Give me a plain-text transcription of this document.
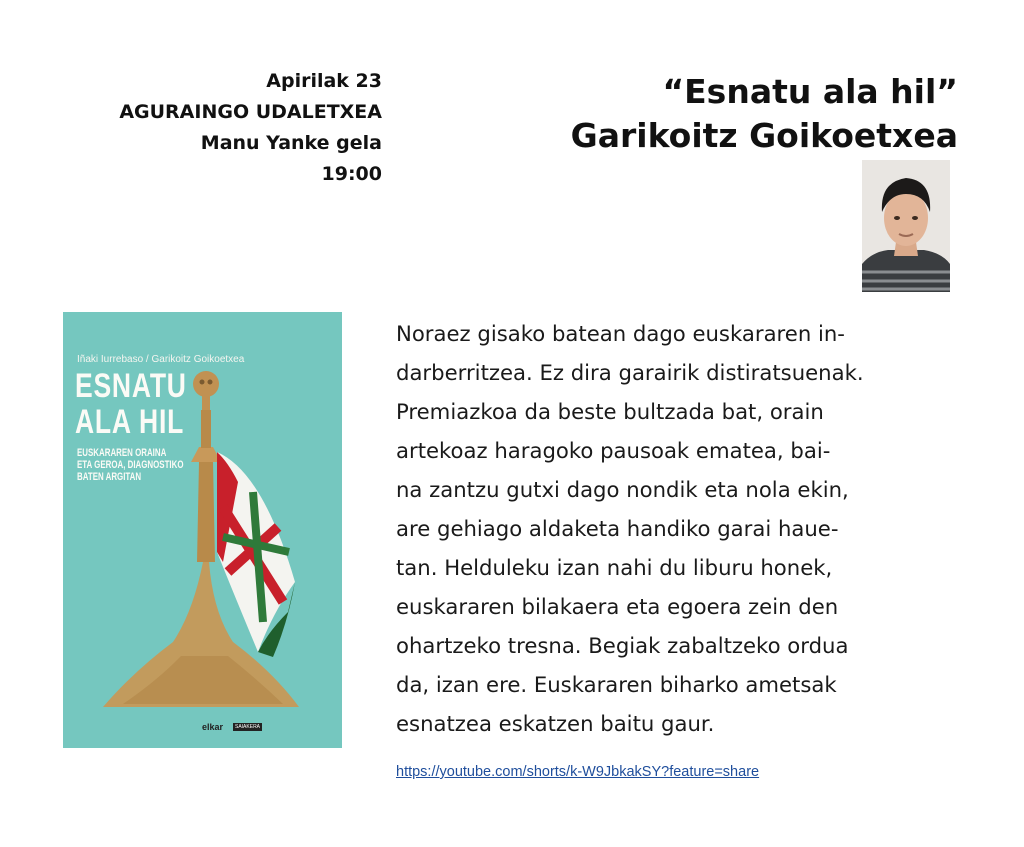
Apirilak 23
AGURAINGO UDALETXEA
Manu Yanke gela
19:00
“Esnatu ala hil”
Garikoitz Goikoetxea
Iñaki Iurrebaso / Garikoitz Goikoetxea
ESNATU
ALA HIL
EUSKARAREN ORAINA
ETA GEROA, DIAGNOSTIKO
BATEN ARGITAN
elkar	SAIAKERA
Noraez gisako batean dago euskararen in-
darberritzea. Ez dira garairik distiratsuenak.
Premiazkoa da beste bultzada bat, orain
artekoaz haragoko pausoak ematea, bai-
na zantzu gutxi dago nondik eta nola ekin,
are gehiago aldaketa handiko garai haue-
tan. Helduleku izan nahi du liburu honek,
euskararen bilakaera eta egoera zein den
ohartzeko tresna. Begiak zabaltzeko ordua
da, izan ere. Euskararen biharko ametsak
esnatzea eskatzen baitu gaur.
https://youtube.com/shorts/k-W9JbkakSY?feature=share
